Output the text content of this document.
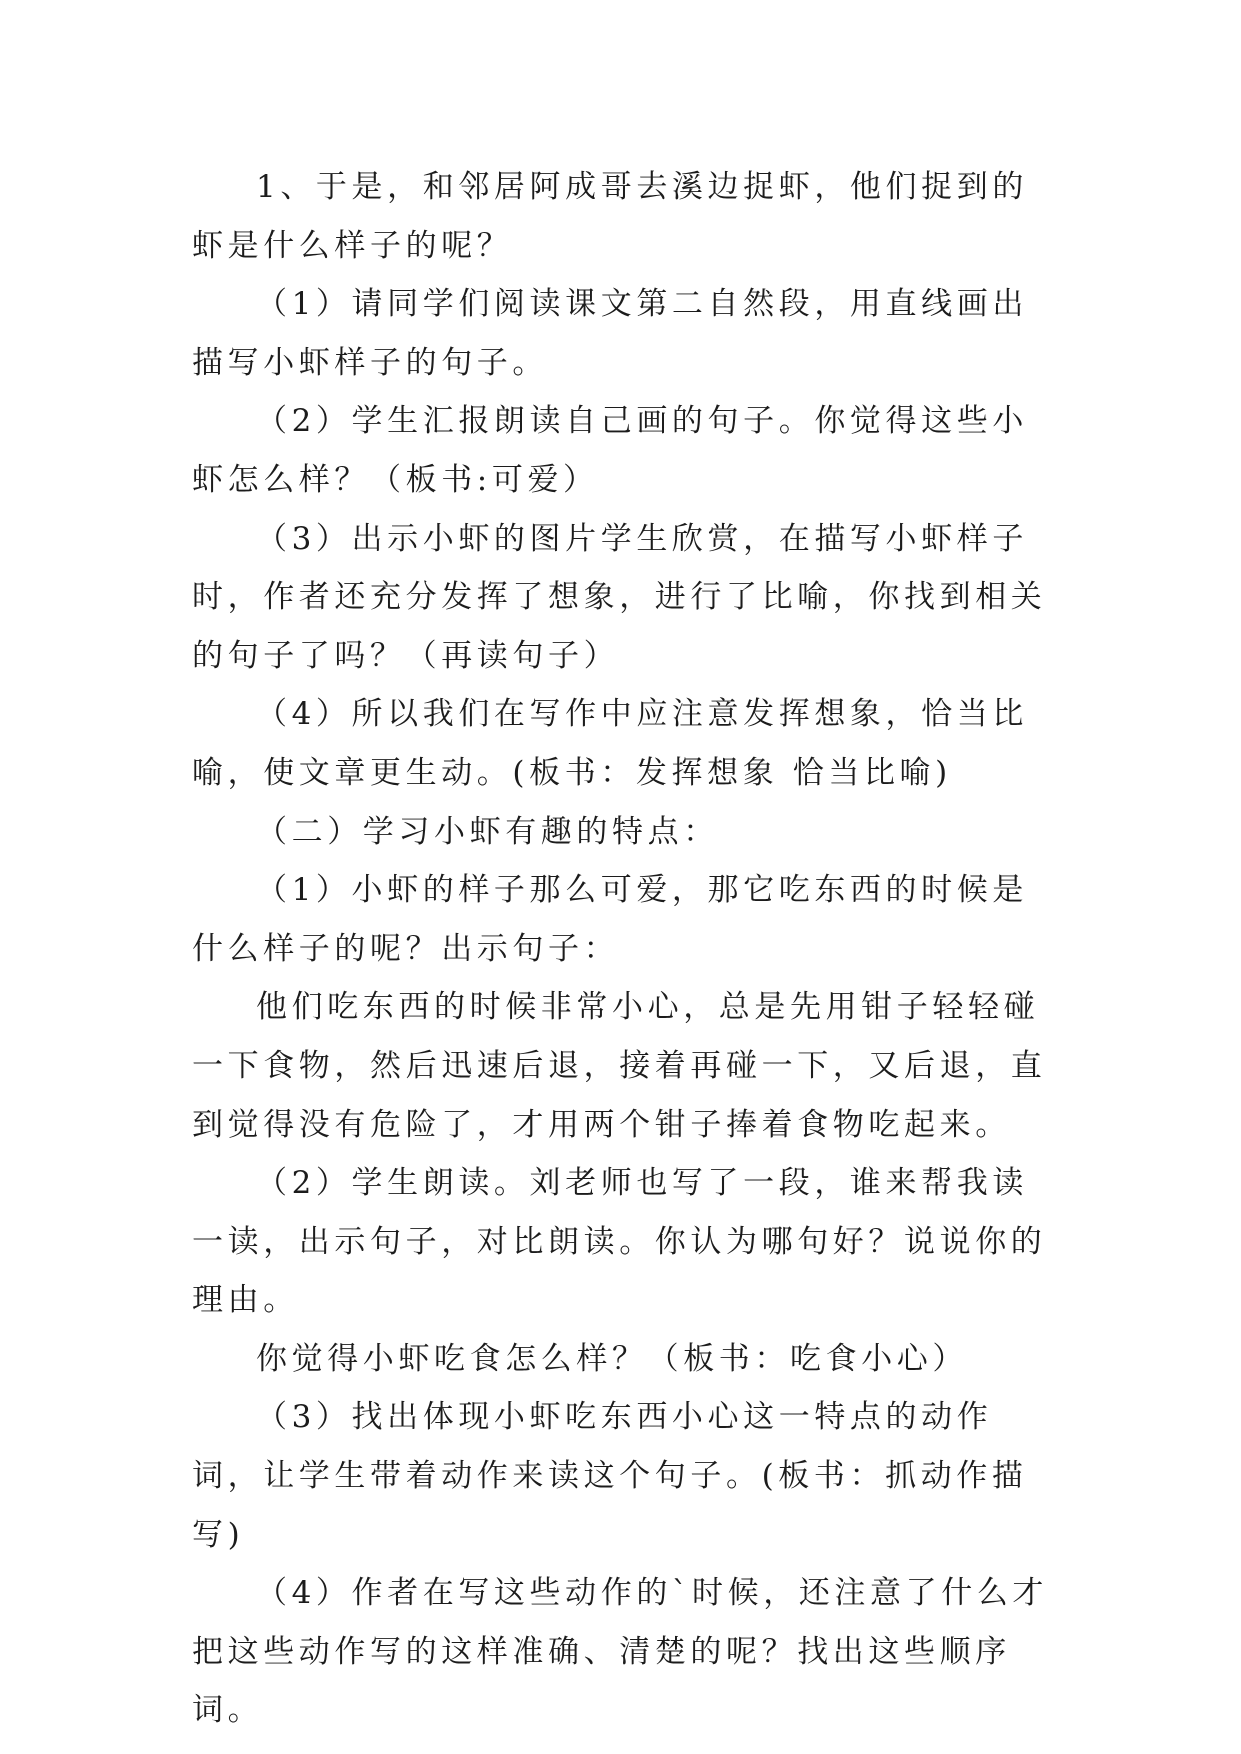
1、于是，和邻居阿成哥去溪边捉虾，他们捉到的虾是什么样子的呢？

（1）请同学们阅读课文第二自然段，用直线画出描写小虾样子的句子。

（2）学生汇报朗读自己画的句子。你觉得这些小虾怎么样？（板书:可爱）

（3）出示小虾的图片学生欣赏，在描写小虾样子时，作者还充分发挥了想象，进行了比喻，你找到相关的句子了吗？（再读句子）

（4）所以我们在写作中应注意发挥想象，恰当比喻，使文章更生动。(板书：发挥想象 恰当比喻)

（二）学习小虾有趣的特点：

（1）小虾的样子那么可爱，那它吃东西的时候是什么样子的呢？出示句子：

他们吃东西的时候非常小心，总是先用钳子轻轻碰一下食物，然后迅速后退，接着再碰一下，又后退，直到觉得没有危险了，才用两个钳子捧着食物吃起来。

（2）学生朗读。刘老师也写了一段，谁来帮我读一读，出示句子，对比朗读。你认为哪句好？说说你的理由。

你觉得小虾吃食怎么样？（板书：吃食小心）

（3）找出体现小虾吃东西小心这一特点的动作词，让学生带着动作来读这个句子。(板书：抓动作描写)

（4）作者在写这些动作的`时候，还注意了什么才把这些动作写的这样准确、清楚的呢？找出这些顺序词。
